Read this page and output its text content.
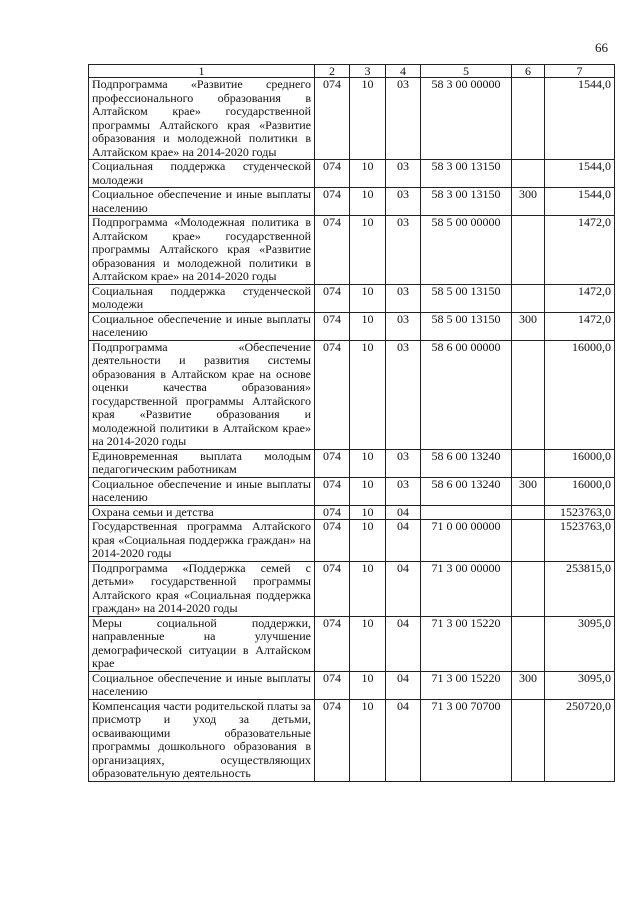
66
1	2	3	4	5	6	7
Подпрограмма «Развитие среднего профессионального образования в Алтайском крае» государственной программы Алтайского края «Развитие образования и молодежной политики в Алтайском крае» на 2014-2020 годы	074	10	03	58 3 00 00000		1544,0
Социальная поддержка студенческой молодежи	074	10	03	58 3 00 13150		1544,0
Социальное обеспечение и иные выплаты населению	074	10	03	58 3 00 13150	300	1544,0
Подпрограмма «Молодежная политика в Алтайском крае» государственной программы Алтайского края «Развитие образования и молодежной политики в Алтайском крае» на 2014-2020 годы	074	10	03	58 5 00 00000		1472,0
Социальная поддержка студенческой молодежи	074	10	03	58 5 00 13150		1472,0
Социальное обеспечение и иные выплаты населению	074	10	03	58 5 00 13150	300	1472,0
Подпрограмма «Обеспечение деятельности и развития системы образования в Алтайском крае на основе оценки качества образования» государственной программы Алтайского края «Развитие образования и молодежной политики в Алтайском крае» на 2014-2020 годы	074	10	03	58 6 00 00000		16000,0
Единовременная выплата молодым педагогическим работникам	074	10	03	58 6 00 13240		16000,0
Социальное обеспечение и иные выплаты населению	074	10	03	58 6 00 13240	300	16000,0
Охрана семьи и детства	074	10	04			1523763,0
Государственная программа Алтайского края «Социальная поддержка граждан» на 2014-2020 годы	074	10	04	71 0 00 00000		1523763,0
Подпрограмма «Поддержка семей с детьми» государственной программы Алтайского края «Социальная поддержка граждан» на 2014-2020 годы	074	10	04	71 3 00 00000		253815,0
Меры социальной поддержки, направленные на улучшение демографической ситуации в Алтайском крае	074	10	04	71 3 00 15220		3095,0
Социальное обеспечение и иные выплаты населению	074	10	04	71 3 00 15220	300	3095,0
Компенсация части родительской платы за присмотр и уход за детьми, осваивающими образовательные программы дошкольного образования в организациях, осуществляющих образовательную деятельность	074	10	04	71 3 00 70700		250720,0
